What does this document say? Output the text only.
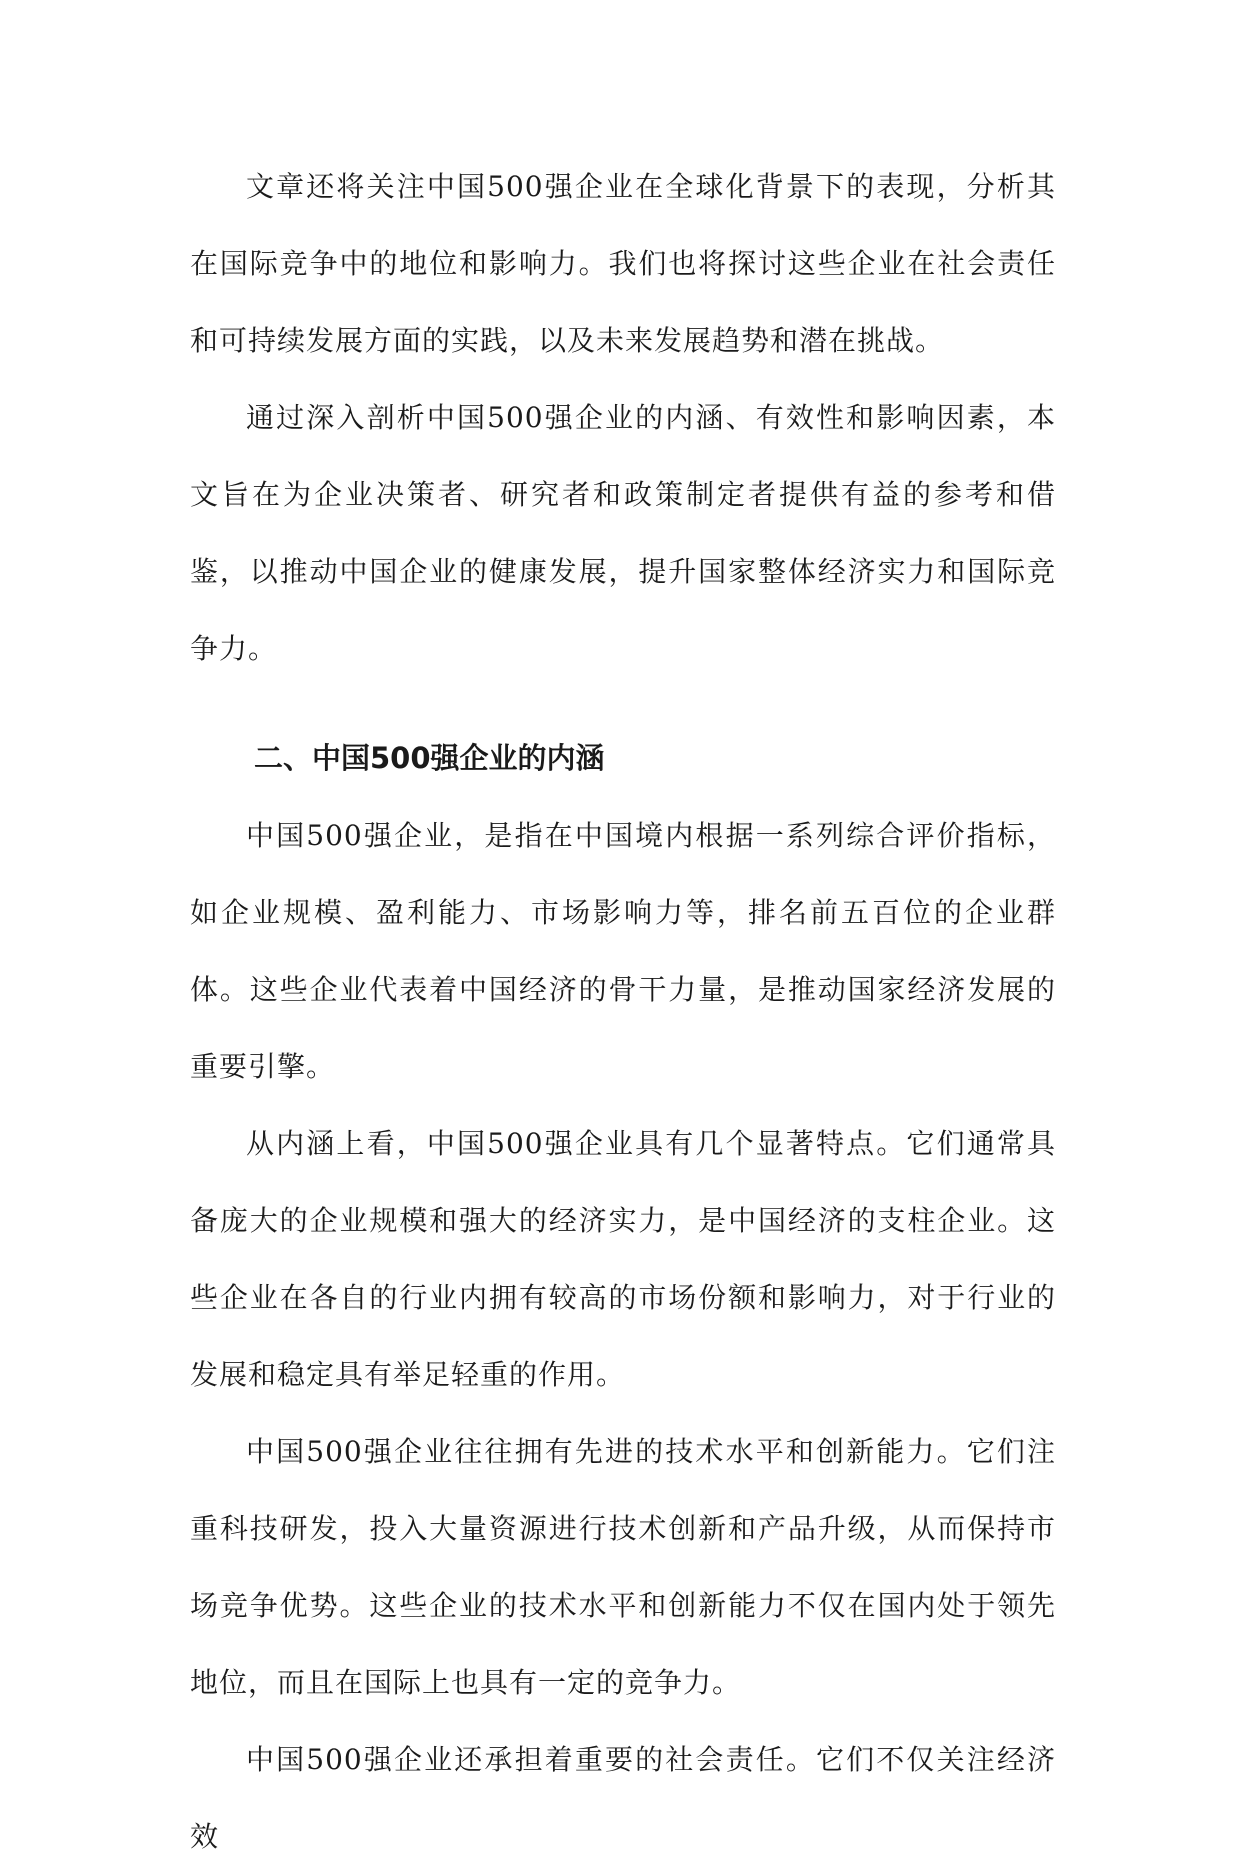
文章还将关注中国500强企业在全球化背景下的表现，分析其在国际竞争中的地位和影响力。我们也将探讨这些企业在社会责任和可持续发展方面的实践，以及未来发展趋势和潜在挑战。

通过深入剖析中国500强企业的内涵、有效性和影响因素，本文旨在为企业决策者、研究者和政策制定者提供有益的参考和借鉴，以推动中国企业的健康发展，提升国家整体经济实力和国际竞争力。

二、中国500强企业的内涵

中国500强企业，是指在中国境内根据一系列综合评价指标，如企业规模、盈利能力、市场影响力等，排名前五百位的企业群体。这些企业代表着中国经济的骨干力量，是推动国家经济发展的重要引擎。

从内涵上看，中国500强企业具有几个显著特点。它们通常具备庞大的企业规模和强大的经济实力，是中国经济的支柱企业。这些企业在各自的行业内拥有较高的市场份额和影响力，对于行业的发展和稳定具有举足轻重的作用。

中国500强企业往往拥有先进的技术水平和创新能力。它们注重科技研发，投入大量资源进行技术创新和产品升级，从而保持市场竞争优势。这些企业的技术水平和创新能力不仅在国内处于领先地位，而且在国际上也具有一定的竞争力。

中国500强企业还承担着重要的社会责任。它们不仅关注经济效
